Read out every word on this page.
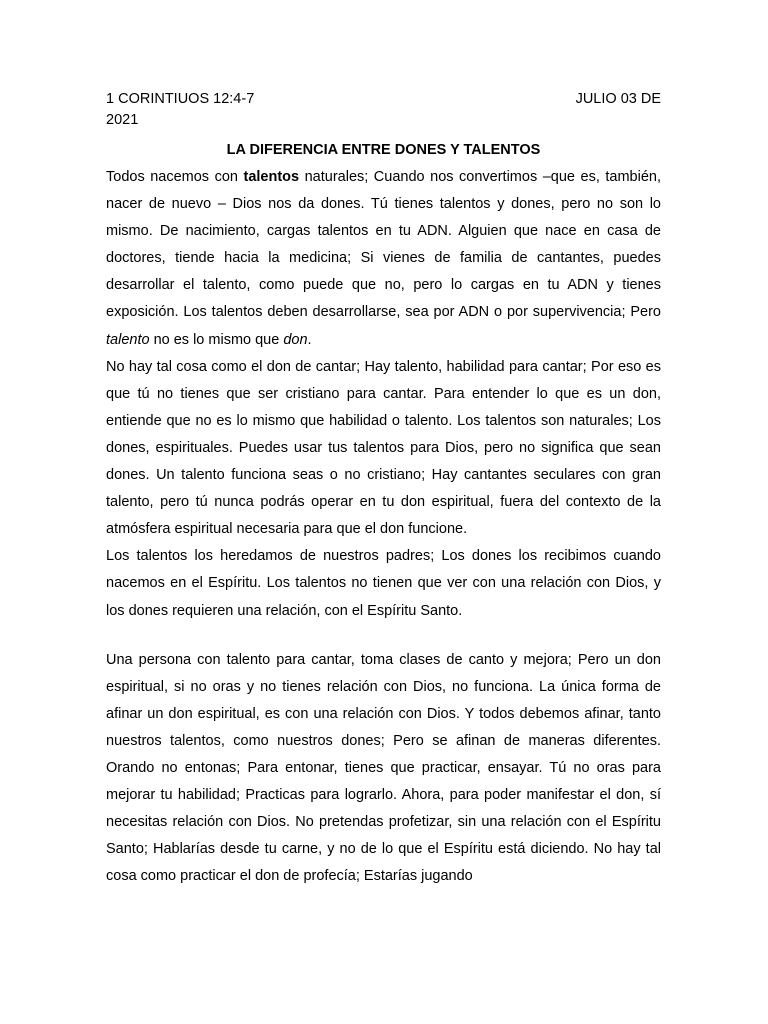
1 CORINTIUOS 12:4-7	JULIO 03 DE
2021
LA DIFERENCIA ENTRE DONES Y TALENTOS

Todos nacemos con talentos naturales; Cuando nos convertimos –que es, también, nacer de nuevo – Dios nos da dones. Tú tienes talentos y dones, pero no son lo mismo. De nacimiento, cargas talentos en tu ADN. Alguien que nace en casa de doctores, tiende hacia la medicina; Si vienes de familia de cantantes, puedes desarrollar el talento, como puede que no, pero lo cargas en tu ADN y tienes exposición. Los talentos deben desarrollarse, sea por ADN o por supervivencia; Pero talento no es lo mismo que don.

No hay tal cosa como el don de cantar; Hay talento, habilidad para cantar; Por eso es que tú no tienes que ser cristiano para cantar. Para entender lo que es un don, entiende que no es lo mismo que habilidad o talento. Los talentos son naturales; Los dones, espirituales. Puedes usar tus talentos para Dios, pero no significa que sean dones. Un talento funciona seas o no cristiano; Hay cantantes seculares con gran talento, pero tú nunca podrás operar en tu don espiritual, fuera del contexto de la atmósfera espiritual necesaria para que el don funcione.

Los talentos los heredamos de nuestros padres; Los dones los recibimos cuando nacemos en el Espíritu. Los talentos no tienen que ver con una relación con Dios, y los dones requieren una relación, con el Espíritu Santo.

Una persona con talento para cantar, toma clases de canto y mejora; Pero un don espiritual, si no oras y no tienes relación con Dios, no funciona. La única forma de afinar un don espiritual, es con una relación con Dios. Y todos debemos afinar, tanto nuestros talentos, como nuestros dones; Pero se afinan de maneras diferentes. Orando no entonas; Para entonar, tienes que practicar, ensayar. Tú no oras para mejorar tu habilidad; Practicas para lograrlo. Ahora, para poder manifestar el don, sí necesitas relación con Dios. No pretendas profetizar, sin una relación con el Espíritu Santo; Hablarías desde tu carne, y no de lo que el Espíritu está diciendo. No hay tal cosa como practicar el don de profecía; Estarías jugando
